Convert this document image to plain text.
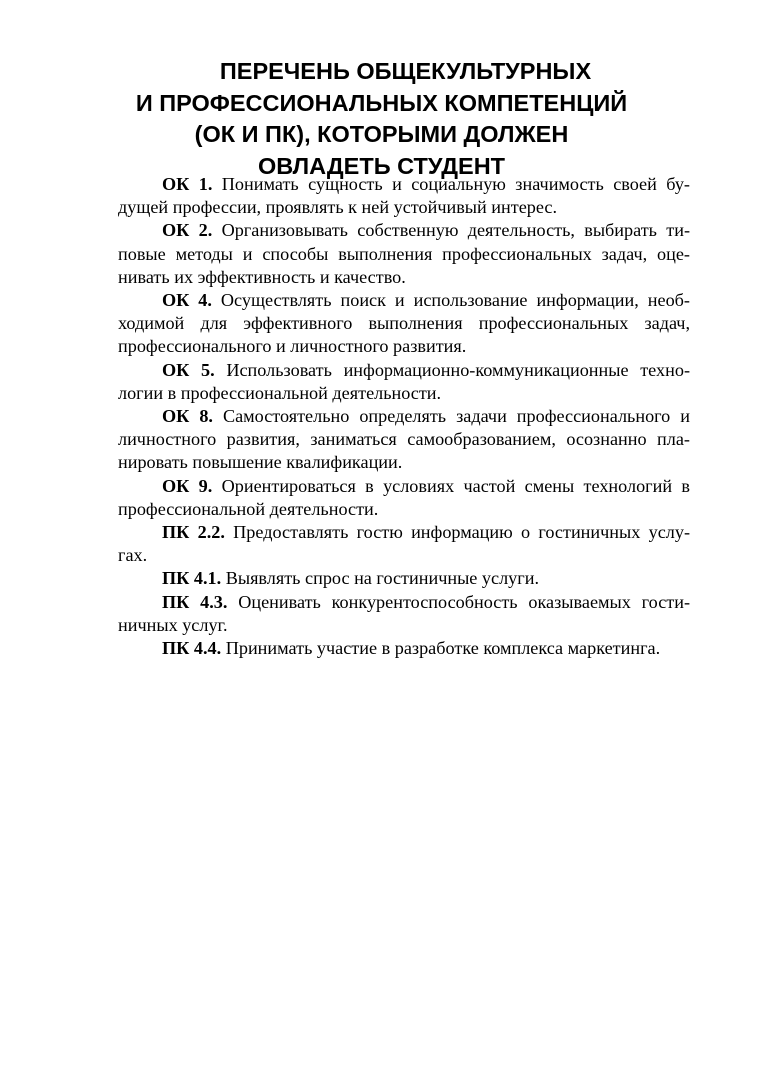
ПЕРЕЧЕНЬ ОБЩЕКУЛЬТУРНЫХ
И ПРОФЕССИОНАЛЬНЫХ КОМПЕТЕНЦИЙ
(ОК И ПК), КОТОРЫМИ ДОЛЖЕН
ОВЛАДЕТЬ СТУДЕНТ
ОК 1. Понимать сущность и социальную значимость своей бу-
дущей профессии, проявлять к ней устойчивый интерес.
ОК 2. Организовывать собственную деятельность, выбирать ти-
повые методы и способы выполнения профессиональных задач, оце-
нивать их эффективность и качество.
ОК 4. Осуществлять поиск и использование информации, необ-
ходимой для эффективного выполнения профессиональных задач,
профессионального и личностного развития.
ОК 5. Использовать информационно-коммуникационные техно-
логии в профессиональной деятельности.
ОК 8. Самостоятельно определять задачи профессионального и
личностного развития, заниматься самообразованием, осознанно пла-
нировать повышение квалификации.
ОК 9. Ориентироваться в условиях частой смены технологий в
профессиональной деятельности.
ПК 2.2. Предоставлять гостю информацию о гостиничных услу-
гах.
ПК 4.1. Выявлять спрос на гостиничные услуги.
ПК 4.3. Оценивать конкурентоспособность оказываемых гости-
ничных услуг.
ПК 4.4. Принимать участие в разработке комплекса маркетинга.
